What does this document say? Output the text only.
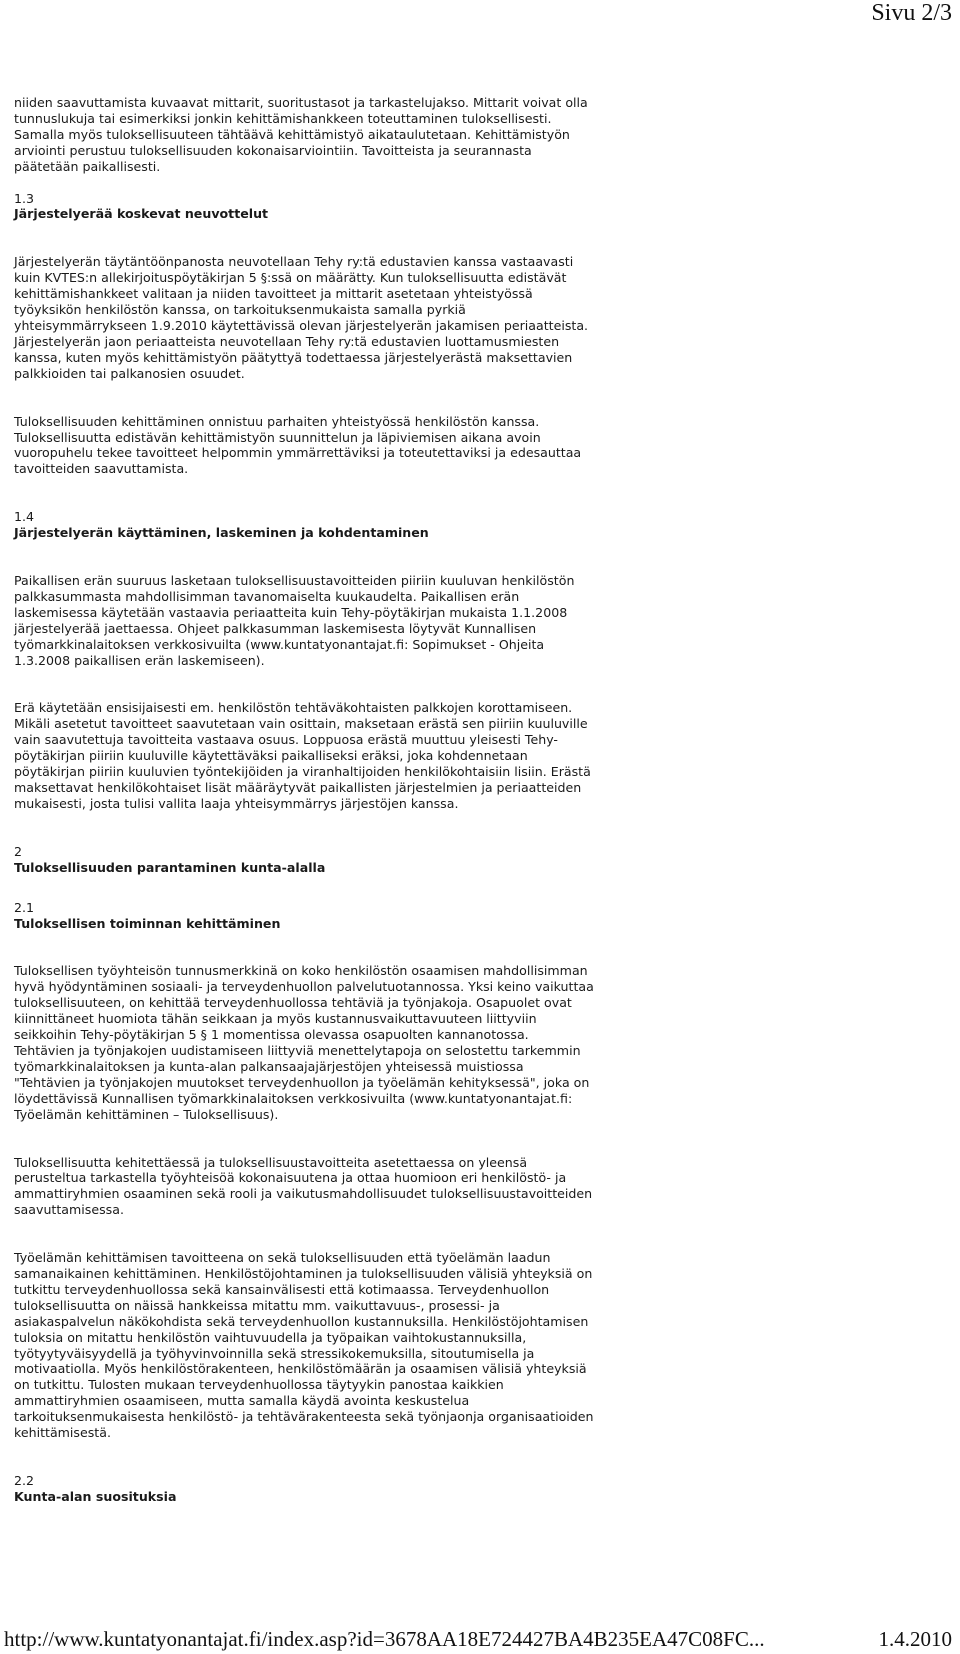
Sivu 2/3

niiden saavuttamista kuvaavat mittarit, suoritustasot ja tarkastelujakso. Mittarit voivat olla
tunnuslukuja tai esimerkiksi jonkin kehittämishankkeen toteuttaminen tuloksellisesti.
Samalla myös tuloksellisuuteen tähtäävä kehittämistyö aikataulutetaan. Kehittämistyön
arviointi perustuu tuloksellisuuden kokonaisarviointiin. Tavoitteista ja seurannasta
päätetään paikallisesti.

1.3

Järjestelyerää koskevat neuvottelut

Järjestelyerän täytäntöönpanosta neuvotellaan Tehy ry:tä edustavien kanssa vastaavasti
kuin KVTES:n allekirjoituspöytäkirjan 5 §:ssä on määrätty. Kun tuloksellisuutta edistävät
kehittämishankkeet valitaan ja niiden tavoitteet ja mittarit asetetaan yhteistyössä
työyksikön henkilöstön kanssa, on tarkoituksenmukaista samalla pyrkiä
yhteisymmärrykseen 1.9.2010 käytettävissä olevan järjestelyerän jakamisen periaatteista.
Järjestelyerän jaon periaatteista neuvotellaan Tehy ry:tä edustavien luottamusmiesten
kanssa, kuten myös kehittämistyön päätyttyä todettaessa järjestelyerästä maksettavien
palkkioiden tai palkanosien osuudet.

Tuloksellisuuden kehittäminen onnistuu parhaiten yhteistyössä henkilöstön kanssa.
Tuloksellisuutta edistävän kehittämistyön suunnittelun ja läpiviemisen aikana avoin
vuoropuhelu tekee tavoitteet helpommin ymmärrettäviksi ja toteutettaviksi ja edesauttaa
tavoitteiden saavuttamista.

1.4

Järjestelyerän käyttäminen, laskeminen ja kohdentaminen

Paikallisen erän suuruus lasketaan tuloksellisuustavoitteiden piiriin kuuluvan henkilöstön
palkkasummasta mahdollisimman tavanomaiselta kuukaudelta. Paikallisen erän
laskemisessa käytetään vastaavia periaatteita kuin Tehy-pöytäkirjan mukaista 1.1.2008
järjestelyerää jaettaessa. Ohjeet palkkasumman laskemisesta löytyvät Kunnallisen
työmarkkinalaitoksen verkkosivuilta (www.kuntatyonantajat.fi: Sopimukset - Ohjeita
1.3.2008 paikallisen erän laskemiseen).

Erä käytetään ensisijaisesti em. henkilöstön tehtäväkohtaisten palkkojen korottamiseen.
Mikäli asetetut tavoitteet saavutetaan vain osittain, maksetaan erästä sen piiriin kuuluville
vain saavutettuja tavoitteita vastaava osuus. Loppuosa erästä muuttuu yleisesti Tehy-
pöytäkirjan piiriin kuuluville käytettäväksi paikalliseksi eräksi, joka kohdennetaan
pöytäkirjan piiriin kuuluvien työntekijöiden ja viranhaltijoiden henkilökohtaisiin lisiin. Erästä
maksettavat henkilökohtaiset lisät määräytyvät paikallisten järjestelmien ja periaatteiden
mukaisesti, josta tulisi vallita laaja yhteisymmärrys järjestöjen kanssa.

2

Tuloksellisuuden parantaminen kunta-alalla

2.1

Tuloksellisen toiminnan kehittäminen

Tuloksellisen työyhteisön tunnusmerkkinä on koko henkilöstön osaamisen mahdollisimman
hyvä hyödyntäminen sosiaali- ja terveydenhuollon palvelutuotannossa. Yksi keino vaikuttaa
tuloksellisuuteen, on kehittää terveydenhuollossa tehtäviä ja työnjakoja. Osapuolet ovat
kiinnittäneet huomiota tähän seikkaan ja myös kustannusvaikuttavuuteen liittyviin
seikkoihin Tehy-pöytäkirjan 5 § 1 momentissa olevassa osapuolten kannanotossa.
Tehtävien ja työnjakojen uudistamiseen liittyviä menettelytapoja on selostettu tarkemmin
työmarkkinalaitoksen ja kunta-alan palkansaajajärjestöjen yhteisessä muistiossa
"Tehtävien ja työnjakojen muutokset terveydenhuollon ja työelämän kehityksessä", joka on
löydettävissä Kunnallisen työmarkkinalaitoksen verkkosivuilta (www.kuntatyonantajat.fi:
Työelämän kehittäminen – Tuloksellisuus).

Tuloksellisuutta kehitettäessä ja tuloksellisuustavoitteita asetettaessa on yleensä
perusteltua tarkastella työyhteisöä kokonaisuutena ja ottaa huomioon eri henkilöstö- ja
ammattiryhmien osaaminen sekä rooli ja vaikutusmahdollisuudet tuloksellisuustavoitteiden
saavuttamisessa.

Työelämän kehittämisen tavoitteena on sekä tuloksellisuuden että työelämän laadun
samanaikainen kehittäminen. Henkilöstöjohtaminen ja tuloksellisuuden välisiä yhteyksiä on
tutkittu terveydenhuollossa sekä kansainvälisesti että kotimaassa. Terveydenhuollon
tuloksellisuutta on näissä hankkeissa mitattu mm. vaikuttavuus-, prosessi- ja
asiakaspalvelun näkökohdista sekä terveydenhuollon kustannuksilla. Henkilöstöjohtamisen
tuloksia on mitattu henkilöstön vaihtuvuudella ja työpaikan vaihtokustannuksilla,
työtyytyväisyydellä ja työhyvinvoinnilla sekä stressikokemuksilla, sitoutumisella ja
motivaatiolla. Myös henkilöstörakenteen, henkilöstömäärän ja osaamisen välisiä yhteyksiä
on tutkittu. Tulosten mukaan terveydenhuollossa täytyykin panostaa kaikkien
ammattiryhmien osaamiseen, mutta samalla käydä avointa keskustelua
tarkoituksenmukaisesta henkilöstö- ja tehtävärakenteesta sekä työnjaonja organisaatioiden
kehittämisestä.

2.2

Kunta-alan suosituksia

http://www.kuntatyonantajat.fi/index.asp?id=3678AA18E724427BA4B235EA47C08FC...	1.4.2010
